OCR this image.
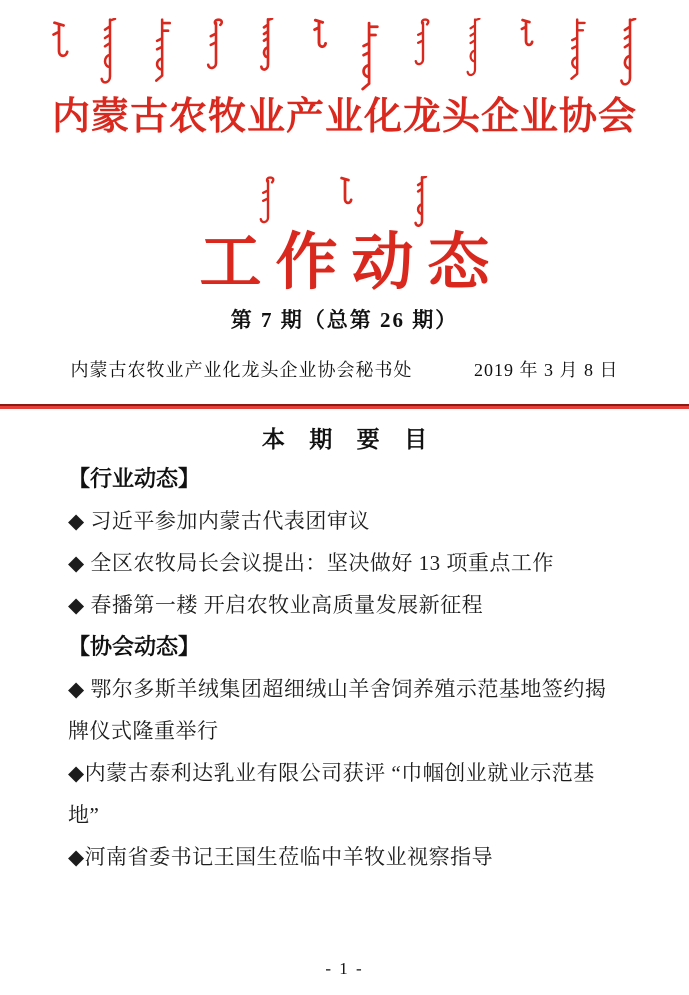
内蒙古农牧业产业化龙头企业协会
工作动态
第 7 期（总第 26 期）
内蒙古农牧业产业化龙头企业协会秘书处	2019 年 3 月 8 日
本 期 要 目
【行业动态】
◆ 习近平参加内蒙古代表团审议
◆ 全区农牧局长会议提出：坚决做好 13 项重点工作
◆ 春播第一耧 开启农牧业高质量发展新征程
【协会动态】
◆ 鄂尔多斯羊绒集团超细绒山羊舍饲养殖示范基地签约揭牌仪式隆重举行
◆内蒙古泰利达乳业有限公司获评 “巾帼创业就业示范基地”
◆河南省委书记王国生莅临中羊牧业视察指导
- 1 -
